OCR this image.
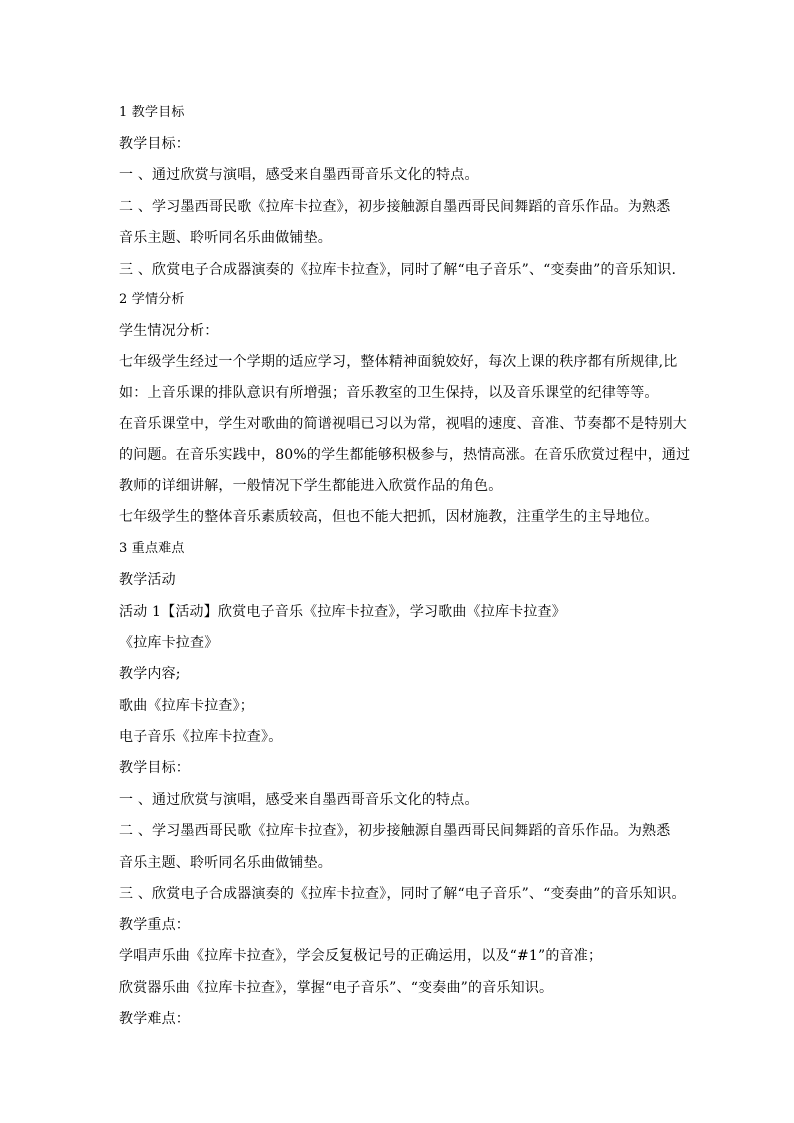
1 教学目标
教学目标：
一 、通过欣赏与演唱，感受来自墨西哥音乐文化的特点。
二 、学习墨西哥民歌《拉库卡拉查》，初步接触源自墨西哥民间舞蹈的音乐作品。为熟悉
音乐主题、聆听同名乐曲做铺垫。
三 、欣赏电子合成器演奏的《拉库卡拉查》，同时了解“电子音乐”、“变奏曲”的音乐知识.
2 学情分析
学生情况分析：
七年级学生经过一个学期的适应学习，整体精神面貌姣好，每次上课的秩序都有所规律,比
如：上音乐课的排队意识有所增强；音乐教室的卫生保持，以及音乐课堂的纪律等等。
在音乐课堂中，学生对歌曲的简谱视唱已习以为常，视唱的速度、音准、节奏都不是特别大
的问题。在音乐实践中，80%的学生都能够积极参与，热情高涨。在音乐欣赏过程中，通过
教师的详细讲解，一般情况下学生都能进入欣赏作品的角色。
七年级学生的整体音乐素质较高，但也不能大把抓，因材施教，注重学生的主导地位。
3 重点难点
教学活动
活动 1【活动】欣赏电子音乐《拉库卡拉查》，学习歌曲《拉库卡拉查》
《拉库卡拉查》
教学内容;
歌曲《拉库卡拉查》；
电子音乐《拉库卡拉查》。
教学目标：
一 、通过欣赏与演唱，感受来自墨西哥音乐文化的特点。
二 、学习墨西哥民歌《拉库卡拉查》，初步接触源自墨西哥民间舞蹈的音乐作品。为熟悉
音乐主题、聆听同名乐曲做铺垫。
三 、欣赏电子合成器演奏的《拉库卡拉查》，同时了解“电子音乐”、“变奏曲”的音乐知识。
教学重点：
学唱声乐曲《拉库卡拉查》，学会反复极记号的正确运用，以及“#1”的音准；
欣赏器乐曲《拉库卡拉查》，掌握“电子音乐”、“变奏曲”的音乐知识。
教学难点：
